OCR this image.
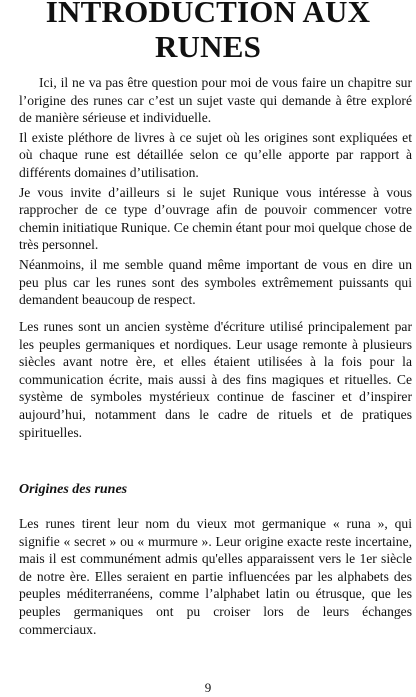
INTRODUCTION AUX
RUNES

Ici, il ne va pas être question pour moi de vous faire un chapitre sur l’origine des runes car c’est un sujet vaste qui demande à être exploré de manière sérieuse et individuelle.

Il existe pléthore de livres à ce sujet où les origines sont expliquées et où chaque rune est détaillée selon ce qu’elle apporte par rapport à différents domaines d’utilisation.

Je vous invite d’ailleurs si le sujet Runique vous intéresse à vous rapprocher de ce type d’ouvrage afin de pouvoir commencer votre chemin initiatique Runique. Ce chemin étant pour moi quelque chose de très personnel.

Néanmoins, il me semble quand même important de vous en dire un peu plus car les runes sont des symboles extrêmement puissants qui demandent beaucoup de respect.

Les runes sont un ancien système d'écriture utilisé principalement par les peuples germaniques et nordiques. Leur usage remonte à plusieurs siècles avant notre ère, et elles étaient utilisées à la fois pour la communication écrite, mais aussi à des fins magiques et rituelles. Ce système de symboles mystérieux continue de fasciner et d’inspirer aujourd’hui, notamment dans le cadre de rituels et de pratiques spirituelles.

Origines des runes

Les runes tirent leur nom du vieux mot germanique « runa », qui signifie « secret » ou « murmure ». Leur origine exacte reste incertaine, mais il est communément admis qu'elles apparaissent vers le 1er siècle de notre ère. Elles seraient en partie influencées par les alphabets des peuples méditerranéens, comme l’alphabet latin ou étrusque, que les peuples germaniques ont pu croiser lors de leurs échanges commerciaux.

9
